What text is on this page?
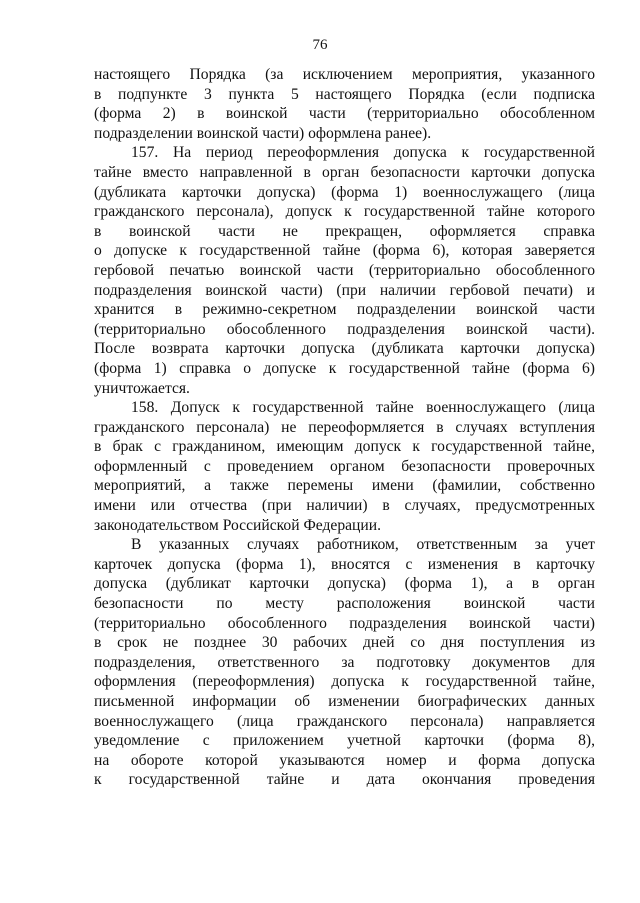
76
настоящего Порядка (за исключением мероприятия, указанного
в подпункте 3 пункта 5 настоящего Порядка (если подписка
(форма 2) в воинской части (территориально обособленном
подразделении воинской части) оформлена ранее).
157. На период переоформления допуска к государственной
тайне вместо направленной в орган безопасности карточки допуска
(дубликата карточки допуска) (форма 1) военнослужащего (лица
гражданского персонала), допуск к государственной тайне которого
в воинской части не прекращен, оформляется справка
о допуске к государственной тайне (форма 6), которая заверяется
гербовой печатью воинской части (территориально обособленного
подразделения воинской части) (при наличии гербовой печати) и
хранится в режимно-секретном подразделении воинской части
(территориально обособленного подразделения воинской части).
После возврата карточки допуска (дубликата карточки допуска)
(форма 1) справка о допуске к государственной тайне (форма 6)
уничтожается.
158. Допуск к государственной тайне военнослужащего (лица
гражданского персонала) не переоформляется в случаях вступления
в брак с гражданином, имеющим допуск к государственной тайне,
оформленный с проведением органом безопасности проверочных
мероприятий, а также перемены имени (фамилии, собственно
имени или отчества (при наличии) в случаях, предусмотренных
законодательством Российской Федерации.
В указанных случаях работником, ответственным за учет
карточек допуска (форма 1), вносятся с изменения в карточку
допуска (дубликат карточки допуска) (форма 1), а в орган
безопасности по месту расположения воинской части
(территориально обособленного подразделения воинской части)
в срок не позднее 30 рабочих дней со дня поступления из
подразделения, ответственного за подготовку документов для
оформления (переоформления) допуска к государственной тайне,
письменной информации об изменении биографических данных
военнослужащего (лица гражданского персонала) направляется
уведомление с приложением учетной карточки (форма 8),
на обороте которой указываются номер и форма допуска
к государственной тайне и дата окончания проведения
